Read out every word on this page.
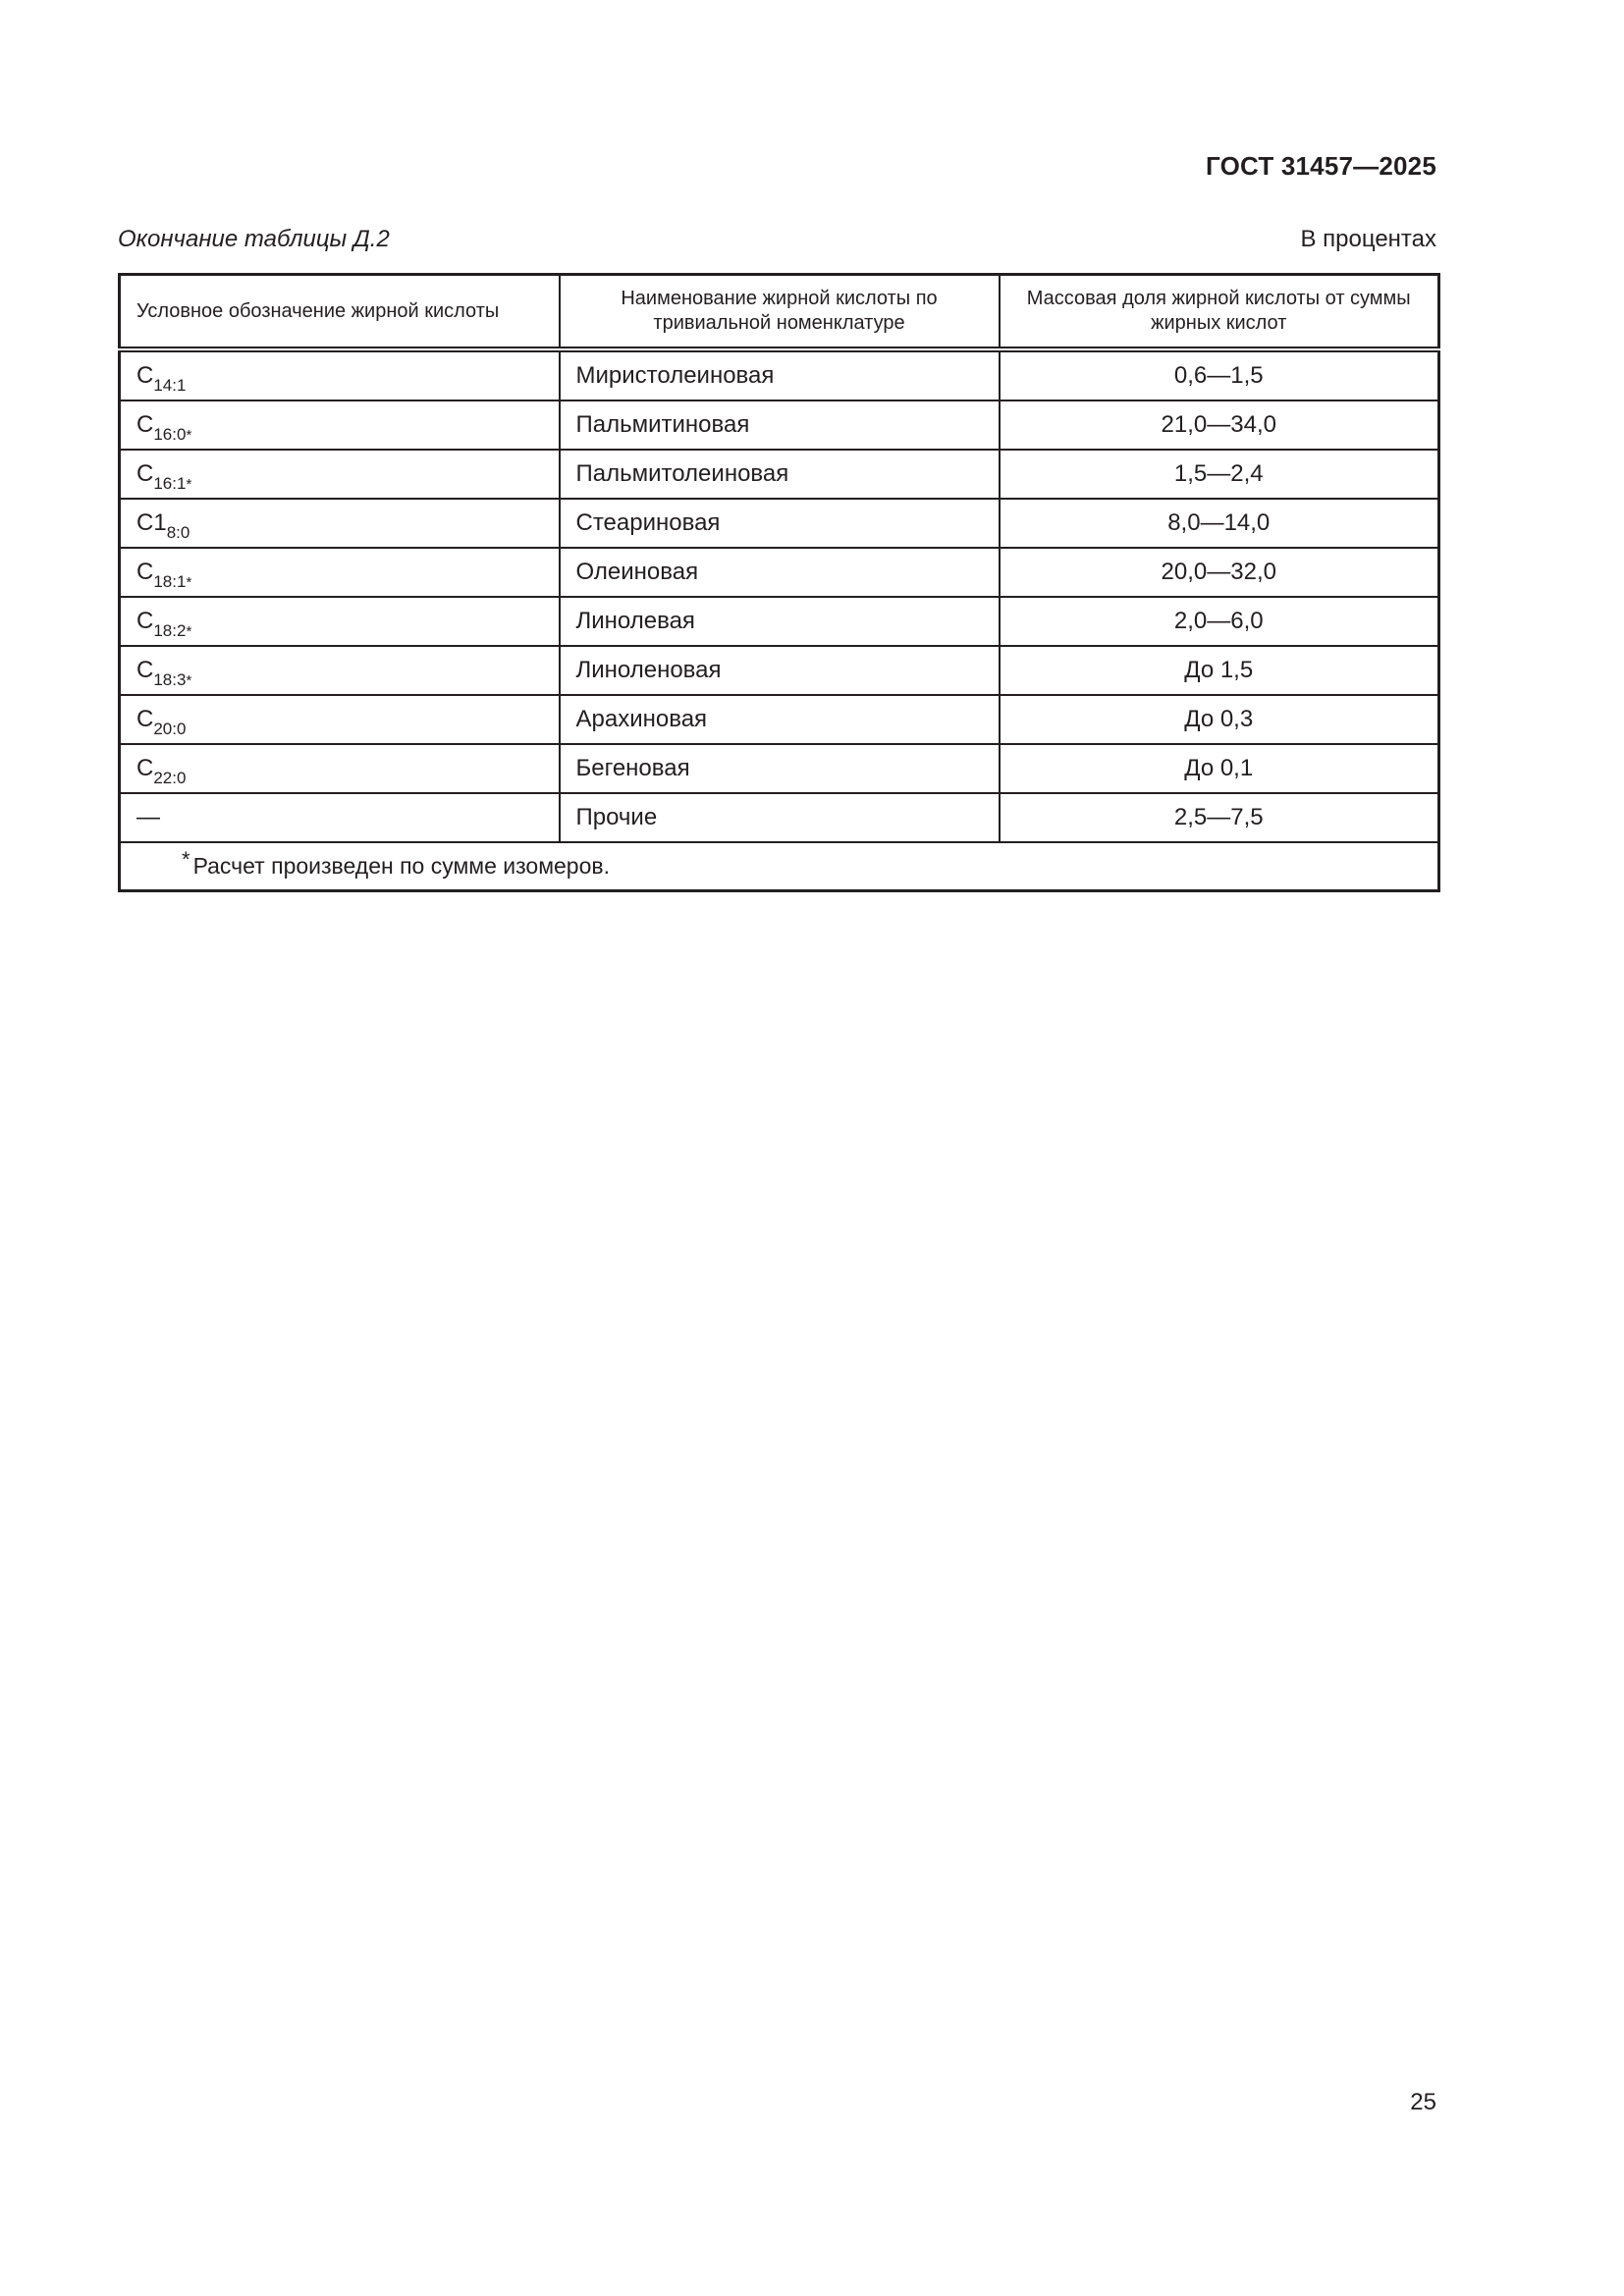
ГОСТ 31457—2025
Окончание таблицы Д.2	В процентах
Условное обозначение жирной кислоты	Наименование жирной кислоты по тривиальной номенклатуре	Массовая доля жирной кислоты от суммы жирных кислот
$C_{14:1}$	Миристолеиновая	0,6—1,5
$C_{16:0*}$	Пальмитиновая	21,0—34,0
$C_{16:1*}$	Пальмитолеиновая	1,5—2,4
$C1_{8:0}$	Стеариновая	8,0—14,0
$C_{18:1*}$	Олеиновая	20,0—32,0
$C_{18:2*}$	Линолевая	2,0—6,0
$C_{18:3*}$	Линоленовая	До 1,5
$C_{20:0}$	Арахиновая	До 0,3
$C_{22:0}$	Бегеновая	До 0,1
—	Прочие	2,5—7,5
* Расчет произведен по сумме изомеров.		
25
